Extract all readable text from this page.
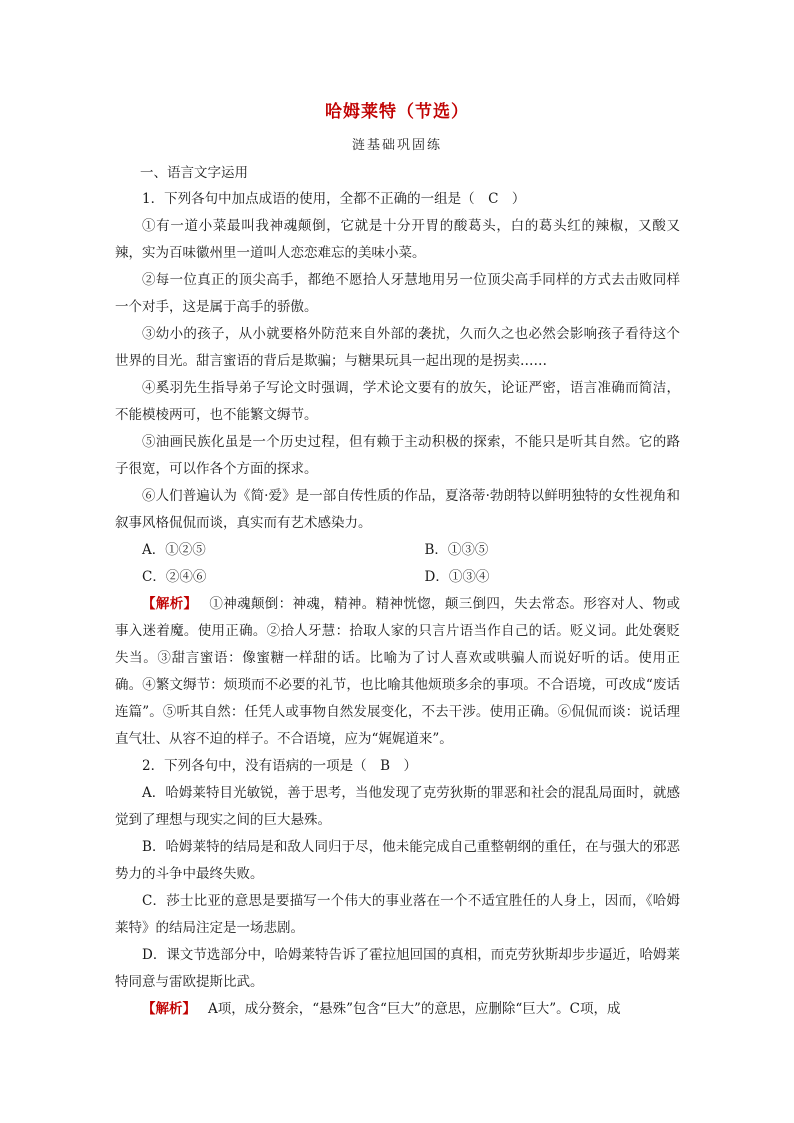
哈姆莱特（节选）
涟基础巩固练
一、语言文字运用

1．下列各句中加点成语的使用，全都不正确的一组是（　C　）

①有一道小菜最叫我神魂颠倒，它就是十分开胃的酸葛头，白的葛头红的辣椒，又酸又辣，实为百味徽州里一道叫人恋恋难忘的美味小菜。

②每一位真正的顶尖高手，都绝不愿拾人牙慧地用另一位顶尖高手同样的方式去击败同样一个对手，这是属于高手的骄傲。

③幼小的孩子，从小就要格外防范来自外部的袭扰，久而久之也必然会影响孩子看待这个世界的目光。甜言蜜语的背后是欺骗；与糖果玩具一起出现的是拐卖……

④奚羽先生指导弟子写论文时强调，学术论文要有的放矢，论证严密，语言准确而简洁，不能模棱两可，也不能繁文缛节。

⑤油画民族化虽是一个历史过程，但有赖于主动积极的探索，不能只是听其自然。它的路子很宽，可以作各个方面的探求。

⑥人们普遍认为《简·爱》是一部自传性质的作品，夏洛蒂·勃朗特以鲜明独特的女性视角和叙事风格侃侃而谈，真实而有艺术感染力。

A．①②⑤	B．①③⑤
C．②④⑥	D．①③④

【解析】 ①神魂颠倒：神魂，精神。精神恍惚，颠三倒四，失去常态。形容对人、物或事入迷着魔。使用正确。②拾人牙慧：拾取人家的只言片语当作自己的话。贬义词。此处褒贬失当。③甜言蜜语：像蜜糖一样甜的话。比喻为了讨人喜欢或哄骗人而说好听的话。使用正确。④繁文缛节：烦琐而不必要的礼节，也比喻其他烦琐多余的事项。不合语境，可改成“废话连篇”。⑤听其自然：任凭人或事物自然发展变化，不去干涉。使用正确。⑥侃侃而谈：说话理直气壮、从容不迫的样子。不合语境，应为“娓娓道来”。

2．下列各句中，没有语病的一项是（　B　）

A．哈姆莱特目光敏锐，善于思考，当他发现了克劳狄斯的罪恶和社会的混乱局面时，就感觉到了理想与现实之间的巨大悬殊。

B．哈姆莱特的结局是和敌人同归于尽，他未能完成自己重整朝纲的重任，在与强大的邪恶势力的斗争中最终失败。

C．莎士比亚的意思是要描写一个伟大的事业落在一个不适宜胜任的人身上，因而，《哈姆莱特》的结局注定是一场悲剧。

D．课文节选部分中，哈姆莱特告诉了霍拉旭回国的真相，而克劳狄斯却步步逼近，哈姆莱特同意与雷欧提斯比武。

【解析】 A项，成分赘余，“悬殊”包含“巨大”的意思，应删除“巨大”。C项，成
